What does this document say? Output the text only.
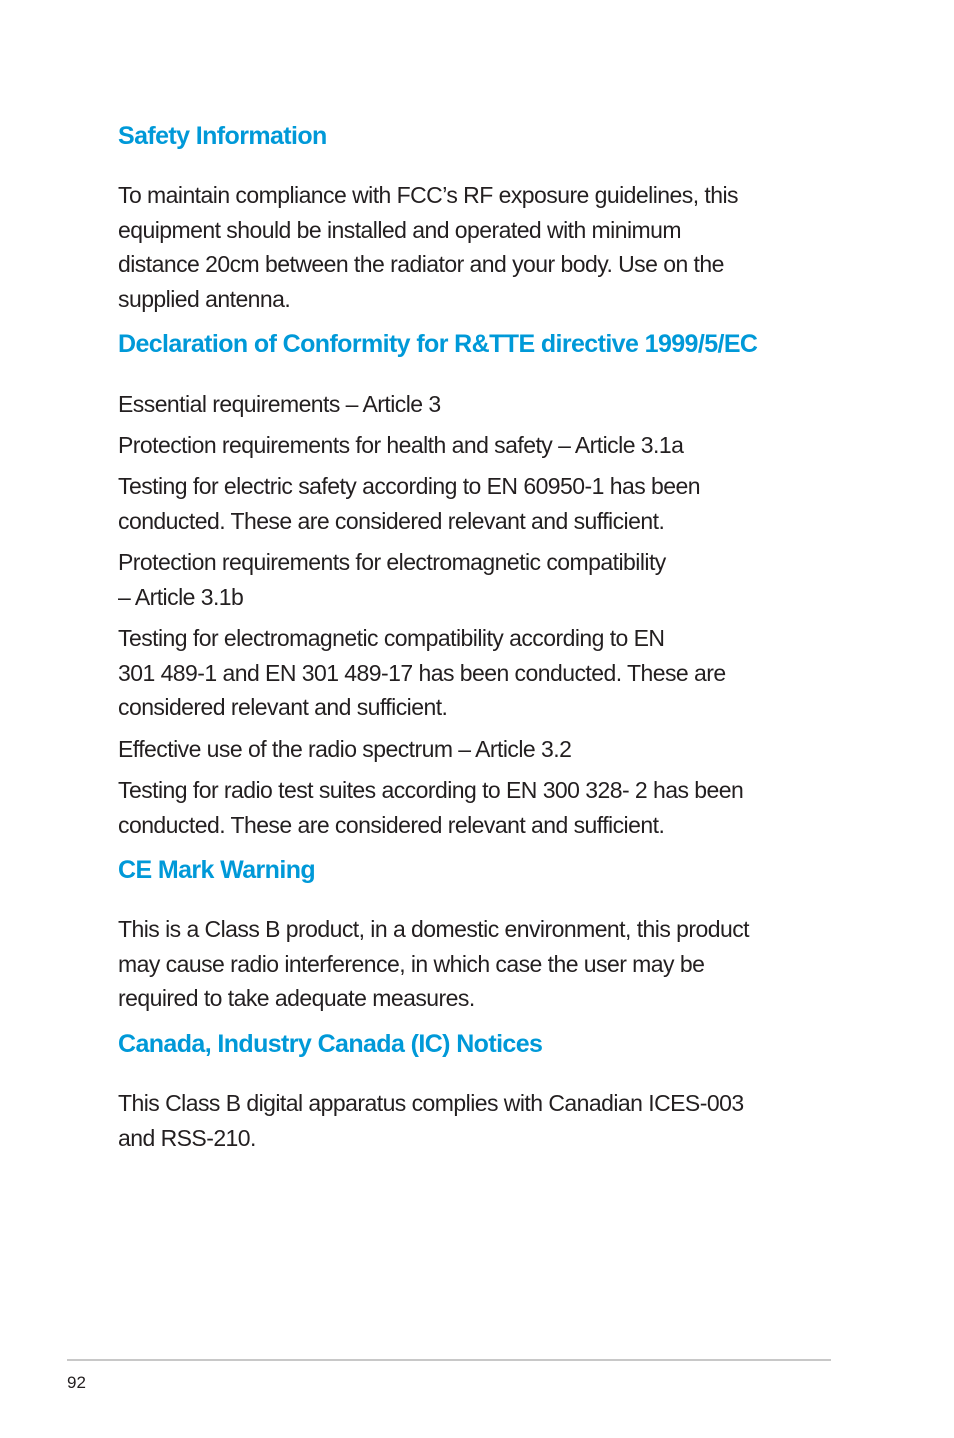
Safety Information

To maintain compliance with FCC’s RF exposure guidelines, this
equipment should be installed and operated with minimum
distance 20cm between the radiator and your body. Use on the
supplied antenna.

Declaration of Conformity for R&TTE directive 1999/5/EC

Essential requirements – Article 3

Protection requirements for health and safety – Article 3.1a

Testing for electric safety according to EN 60950-1 has been
conducted. These are considered relevant and sufficient.

Protection requirements for electromagnetic compatibility
– Article 3.1b

Testing for electromagnetic compatibility according to EN
301 489-1 and EN 301 489-17 has been conducted. These are
considered relevant and sufficient.

Effective use of the radio spectrum – Article 3.2

Testing for radio test suites according to EN 300 328- 2 has been
conducted. These are considered relevant and sufficient.

CE Mark Warning

This is a Class B product, in a domestic environment, this product
may cause radio interference, in which case the user may be
required to take adequate measures.

Canada, Industry Canada (IC) Notices

This Class B digital apparatus complies with Canadian ICES-003
and RSS-210.

92
